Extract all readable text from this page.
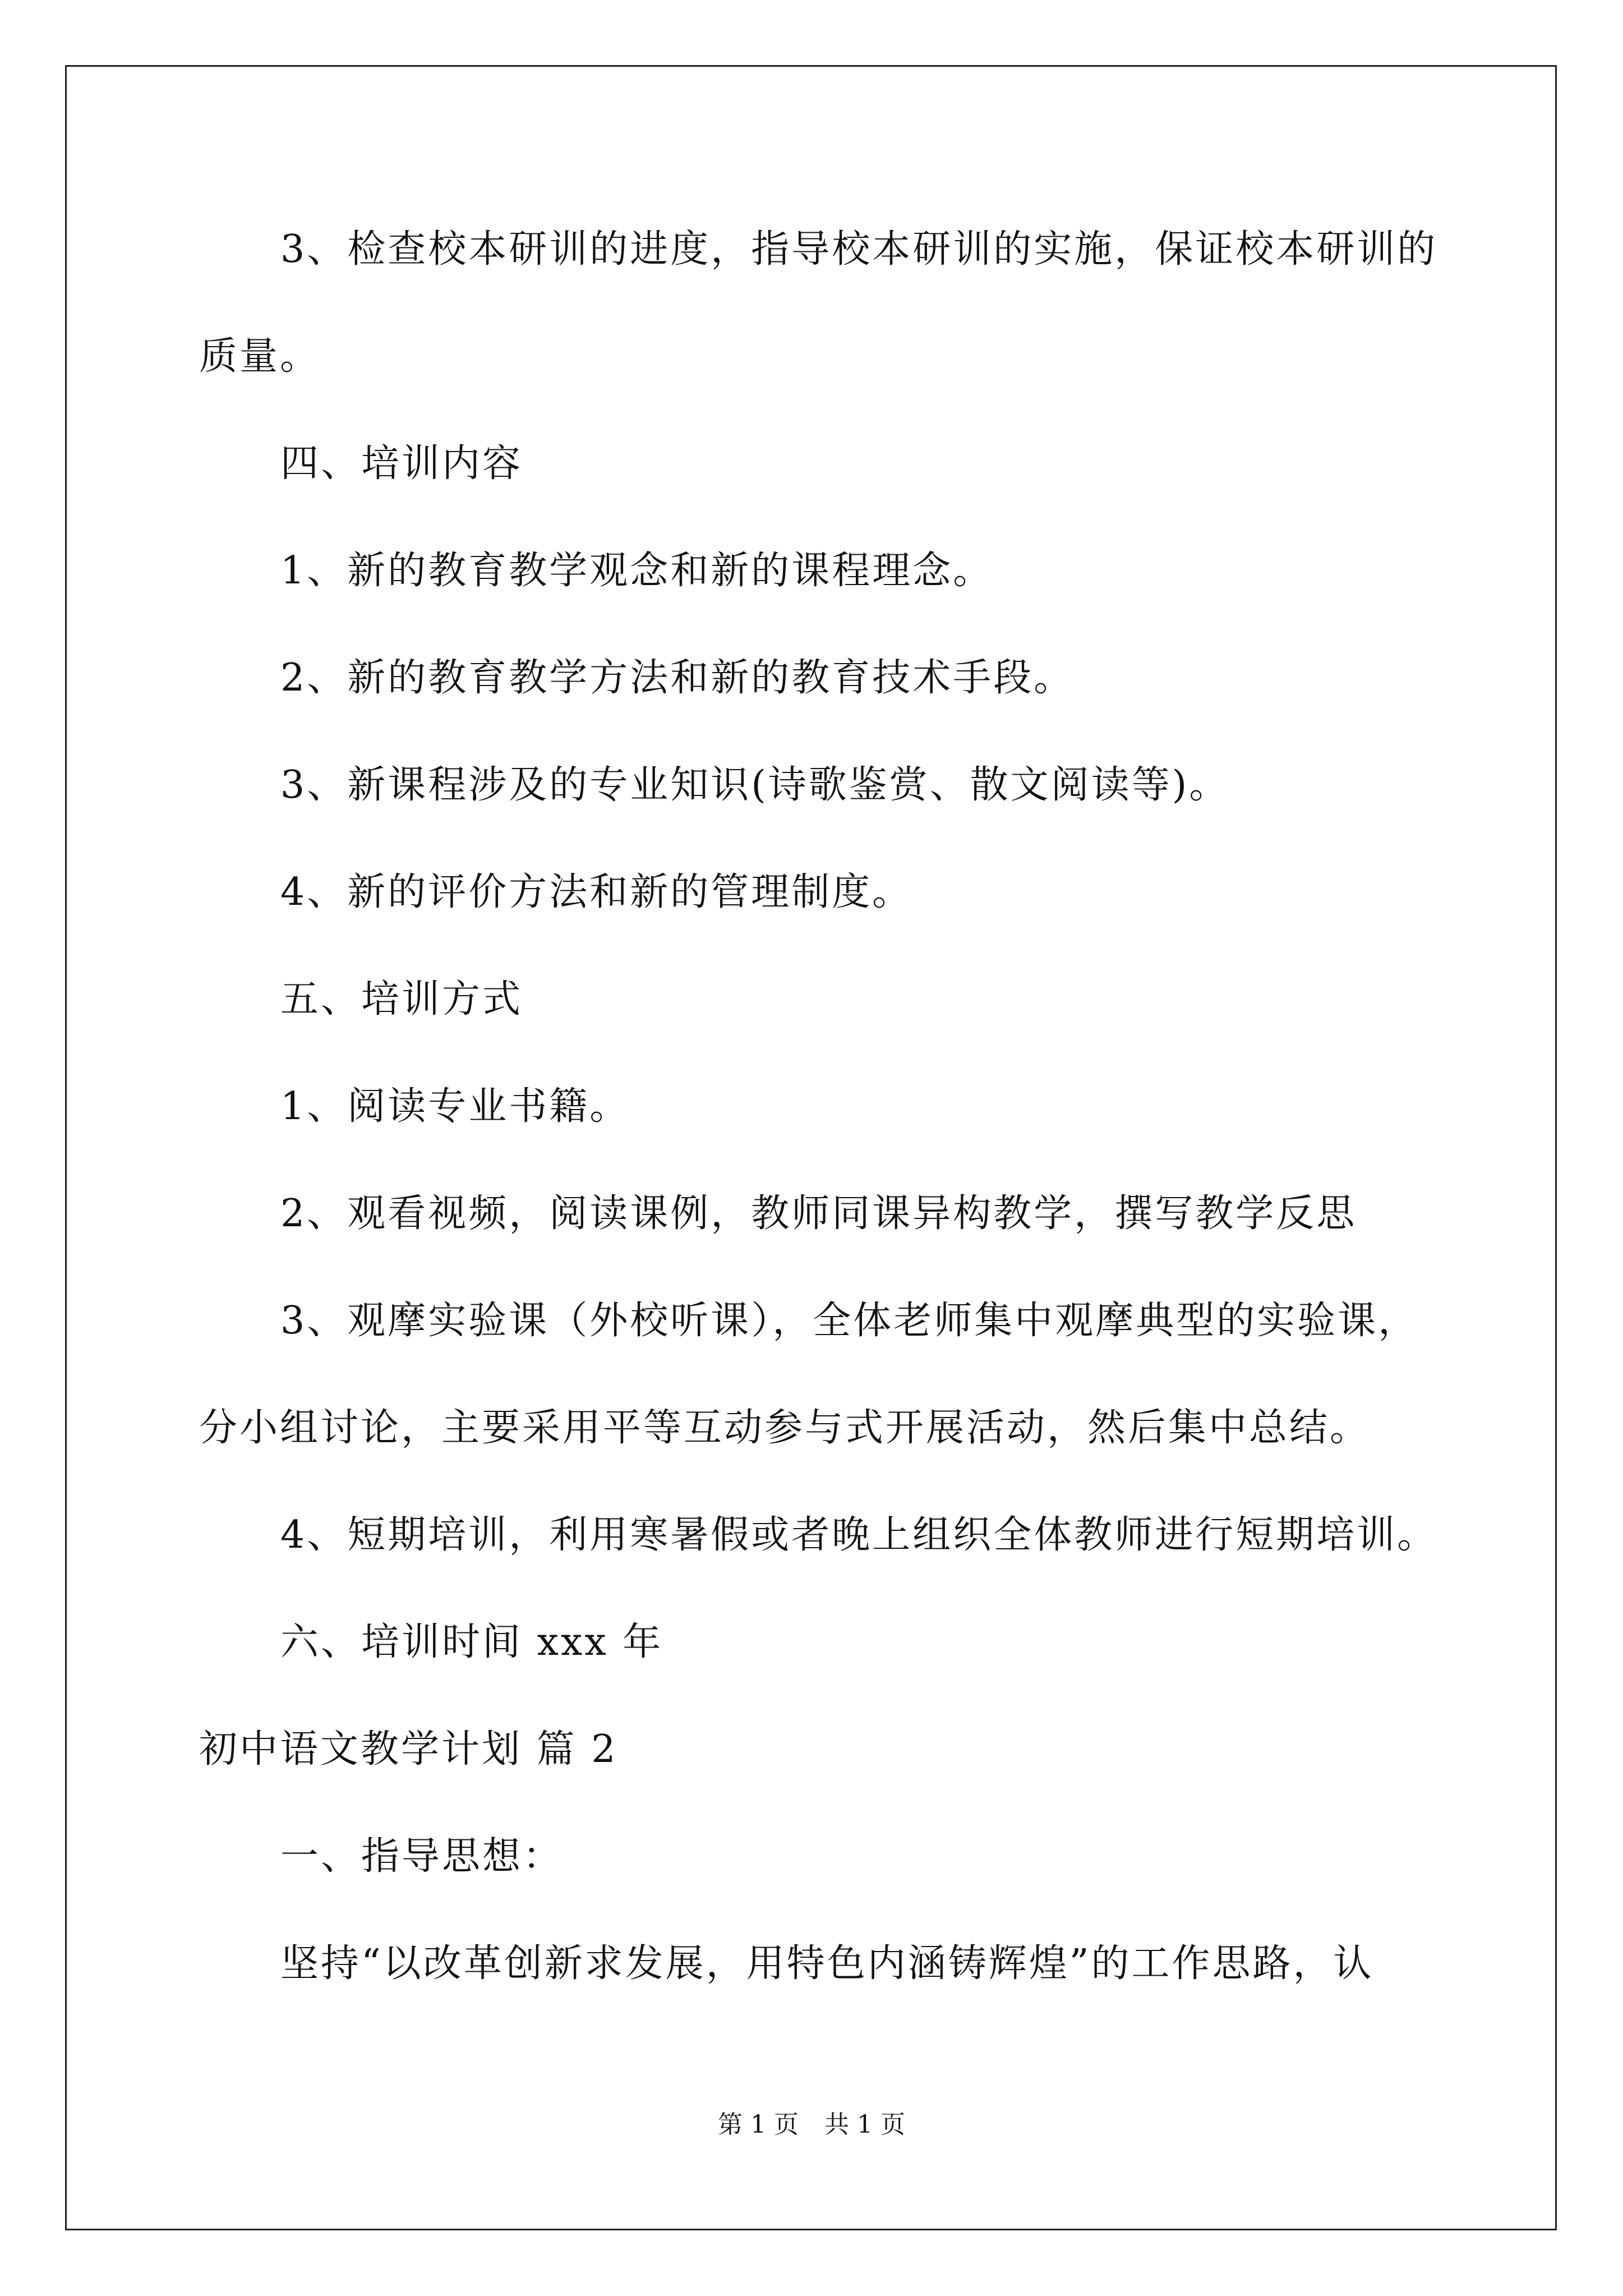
3、检查校本研训的进度，指导校本研训的实施，保证校本研训的
质量。
四、培训内容
1、新的教育教学观念和新的课程理念。
2、新的教育教学方法和新的教育技术手段。
3、新课程涉及的专业知识(诗歌鉴赏、散文阅读等)。
4、新的评价方法和新的管理制度。
五、培训方式
1、阅读专业书籍。
2、观看视频，阅读课例，教师同课异构教学，撰写教学反思
3、观摩实验课（外校听课），全体老师集中观摩典型的实验课，
分小组讨论，主要采用平等互动参与式开展活动，然后集中总结。
4、短期培训，利用寒暑假或者晚上组织全体教师进行短期培训。
六、培训时间 xxx 年
初中语文教学计划 篇 2
一、指导思想：
坚持“以改革创新求发展，用特色内涵铸辉煌”的工作思路，认
第 1 页 共 1 页
